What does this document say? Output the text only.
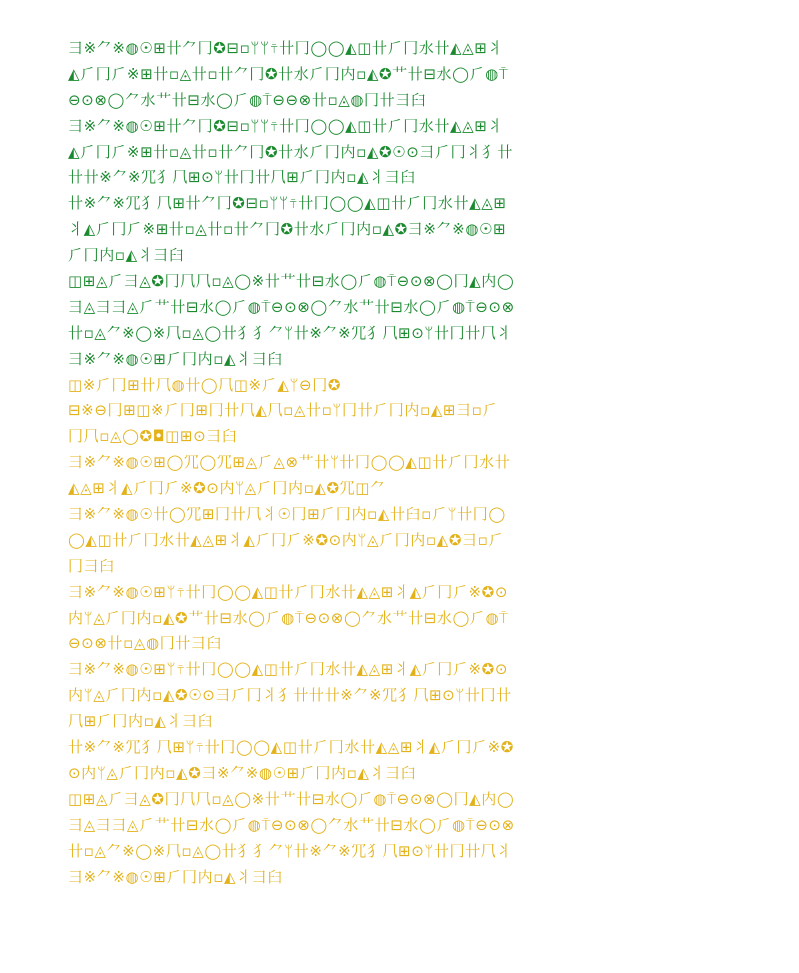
⺕※⺈※◍☉⊞卄⺈冂✪⊟▫ᛘᛘ⍑卄冂◯◯◭◫卄⺁冂水卄◭◬⊞⺦
◭⺁冂⺁※⊞卄▫◬卄▫卄⺈冂✪卄⽔⺁冂内▫◭✪⺾卄⊟水◯⺁◍⍑
⊖⊙⊗◯⺈水⺾卄⊟水◯⺁◍⍑⊖⊖⊗卄▫◬◍冂卄⺕⾅
⺕※⺈※◍☉⊞卄⺈冂✪⊟▫ᛘᛘ⍑卄冂◯◯◭◫卄⺁冂水卄◭◬⊞⺦
◭⺁冂⺁※⊞卄▫◬卄▫卄⺈冂✪卄⽔⺁冂内▫◭✪☉⊙⺕⺁冂⺦⺨卄
卄卄※⺈※⺴⺨⺇⊞⊙ᛘ卄冂卄⺇⊞⺁冂内▫◭⺦⺕⾅
卄※⺈※⺴⺨⺇⊞卄⺈冂✪⊟▫ᛘᛘ⍑卄冂◯◯◭◫卄⺁冂水卄◭◬⊞
⺦◭⺁冂⺁※⊞卄▫◬卄▫卄⺈冂✪卄⽔⺁冂内▫◭✪⺕※⺈※◍☉⊞
⺁冂内▫◭⺦⺕⾅
◫⊞◬⺁⺕◬✪冂⺇⺇▫◬◯※卄⺾卄⊟水◯⺁◍⍑⊖⊙⊗◯冂◭内◯
⺕◬⺕⺕◬⺁⺾卄⊟水◯⺁◍⍑⊖⊙⊗◯⺈水⺾卄⊟水◯⺁◍⍑⊖⊙⊗
卄▫◬⺈※◯※⺇▫◬◯卄⺨⺨⺈ᛘ卄※⺈※⺴⺨⺇⊞⊙ᛘ卄冂卄⺇⺦
⺕※⺈※◍☉⊞⺁冂内▫◭⺦⺕⾅
◫※⺁冂⊞卄⺇◍卄◯⺇◫※⺁◭ᛘ⊖冂✪
⊟※⊖冂⊞◫※⺁冂⊞冂卄⺇◭⺇▫◬卄▫ᛘ冂卄⺁冂内▫◭⊞⺕▫⺁
冂⺇▫◬◯✪◘◫⊞⊙⺕⾅
⺕※⺈※◍☉⊞◯⺴◯⺴⊞◬⺁◬⊗⺾卄ᛘ卄冂◯◯◭◫卄⺁冂水卄
◭◬⊞⺦◭⺁冂⺁※✪⊙内ᛘ◬⺁冂内▫◭✪⺴◫⺈
⺕※⺈※◍☉卄◯⺴⊞冂卄⺇⺦☉冂⊞⺁冂内▫◭卄⾅▫⺁ᛘ卄冂◯
◯◭◫卄⺁冂水卄◭◬⊞⺦◭⺁冂⺁※✪⊙内ᛘ◬⺁冂内▫◭✪⺕▫⺁
冂⺕⾅
⺕※⺈※◍☉⊞ᛘ⍑卄冂◯◯◭◫卄⺁冂水卄◭◬⊞⺦◭⺁冂⺁※✪⊙
内ᛘ◬⺁冂内▫◭✪⺾卄⊟水◯⺁◍⍑⊖⊙⊗◯⺈水⺾卄⊟水◯⺁◍⍑
⊖⊙⊗卄▫◬◍冂卄⺕⾅
⺕※⺈※◍☉⊞ᛘ⍑卄冂◯◯◭◫卄⺁冂水卄◭◬⊞⺦◭⺁冂⺁※✪⊙
内ᛘ◬⺁冂内▫◭✪☉⊙⺕⺁冂⺦⺨卄卄卄※⺈※⺴⺨⺇⊞⊙ᛘ卄冂卄
⺇⊞⺁冂内▫◭⺦⺕⾅
卄※⺈※⺴⺨⺇⊞ᛘ⍑卄冂◯◯◭◫卄⺁冂水卄◭◬⊞⺦◭⺁冂⺁※✪
⊙内ᛘ◬⺁冂内▫◭✪⺕※⺈※◍☉⊞⺁冂内▫◭⺦⺕⾅
◫⊞◬⺁⺕◬✪冂⺇⺇▫◬◯※卄⺾卄⊟水◯⺁◍⍑⊖⊙⊗◯冂◭内◯
⺕◬⺕⺕◬⺁⺾卄⊟水◯⺁◍⍑⊖⊙⊗◯⺈水⺾卄⊟水◯⺁◍⍑⊖⊙⊗
卄▫◬⺈※◯※⺇▫◬◯卄⺨⺨⺈ᛘ卄※⺈※⺴⺨⺇⊞⊙ᛘ卄冂卄⺇⺦
⺕※⺈※◍☉⊞⺁冂内▫◭⺦⺕⾅
